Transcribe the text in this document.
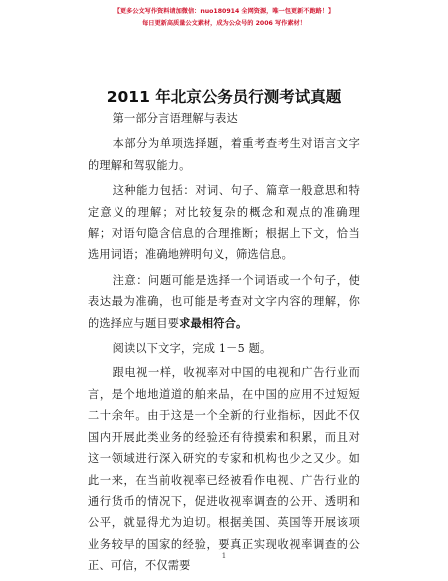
【更多公文写作资料请加微信：nuo180914 全网资源，唯一包更新不跑路！】
每日更新高质量公文素材，成为公众号的 2006 写作素材！
2011 年北京公务员行测考试真题

第一部分言语理解与表达

本部分为单项选择题，着重考查考生对语言文字的理解和驾驭能力。

这种能力包括：对词、句子、篇章一般意思和特定意义的理解；对比较复杂的概念和观点的准确理解；对语句隐含信息的合理推断；根据上下文，恰当选用词语；准确地辨明句义，筛选信息。

注意：问题可能是选择一个词语或一个句子，使表达最为准确，也可能是考查对文字内容的理解，你的选择应与题目要求最相符合。

阅读以下文字，完成 1－5 题。

跟电视一样，收视率对中国的电视和广告行业而言，是个地地道道的舶来品，在中国的应用不过短短二十余年。由于这是一个全新的行业指标，因此不仅国内开展此类业务的经验还有待摸索和积累，而且对这一领域进行深入研究的专家和机构也少之又少。如此一来，在当前收视率已经被看作电视、广告行业的通行货币的情况下，促进收视率调查的公开、透明和公平，就显得尤为迫切。根据美国、英国等开展该项业务较早的国家的经验，要真正实现收视率调查的公正、可信，不仅需要

1
